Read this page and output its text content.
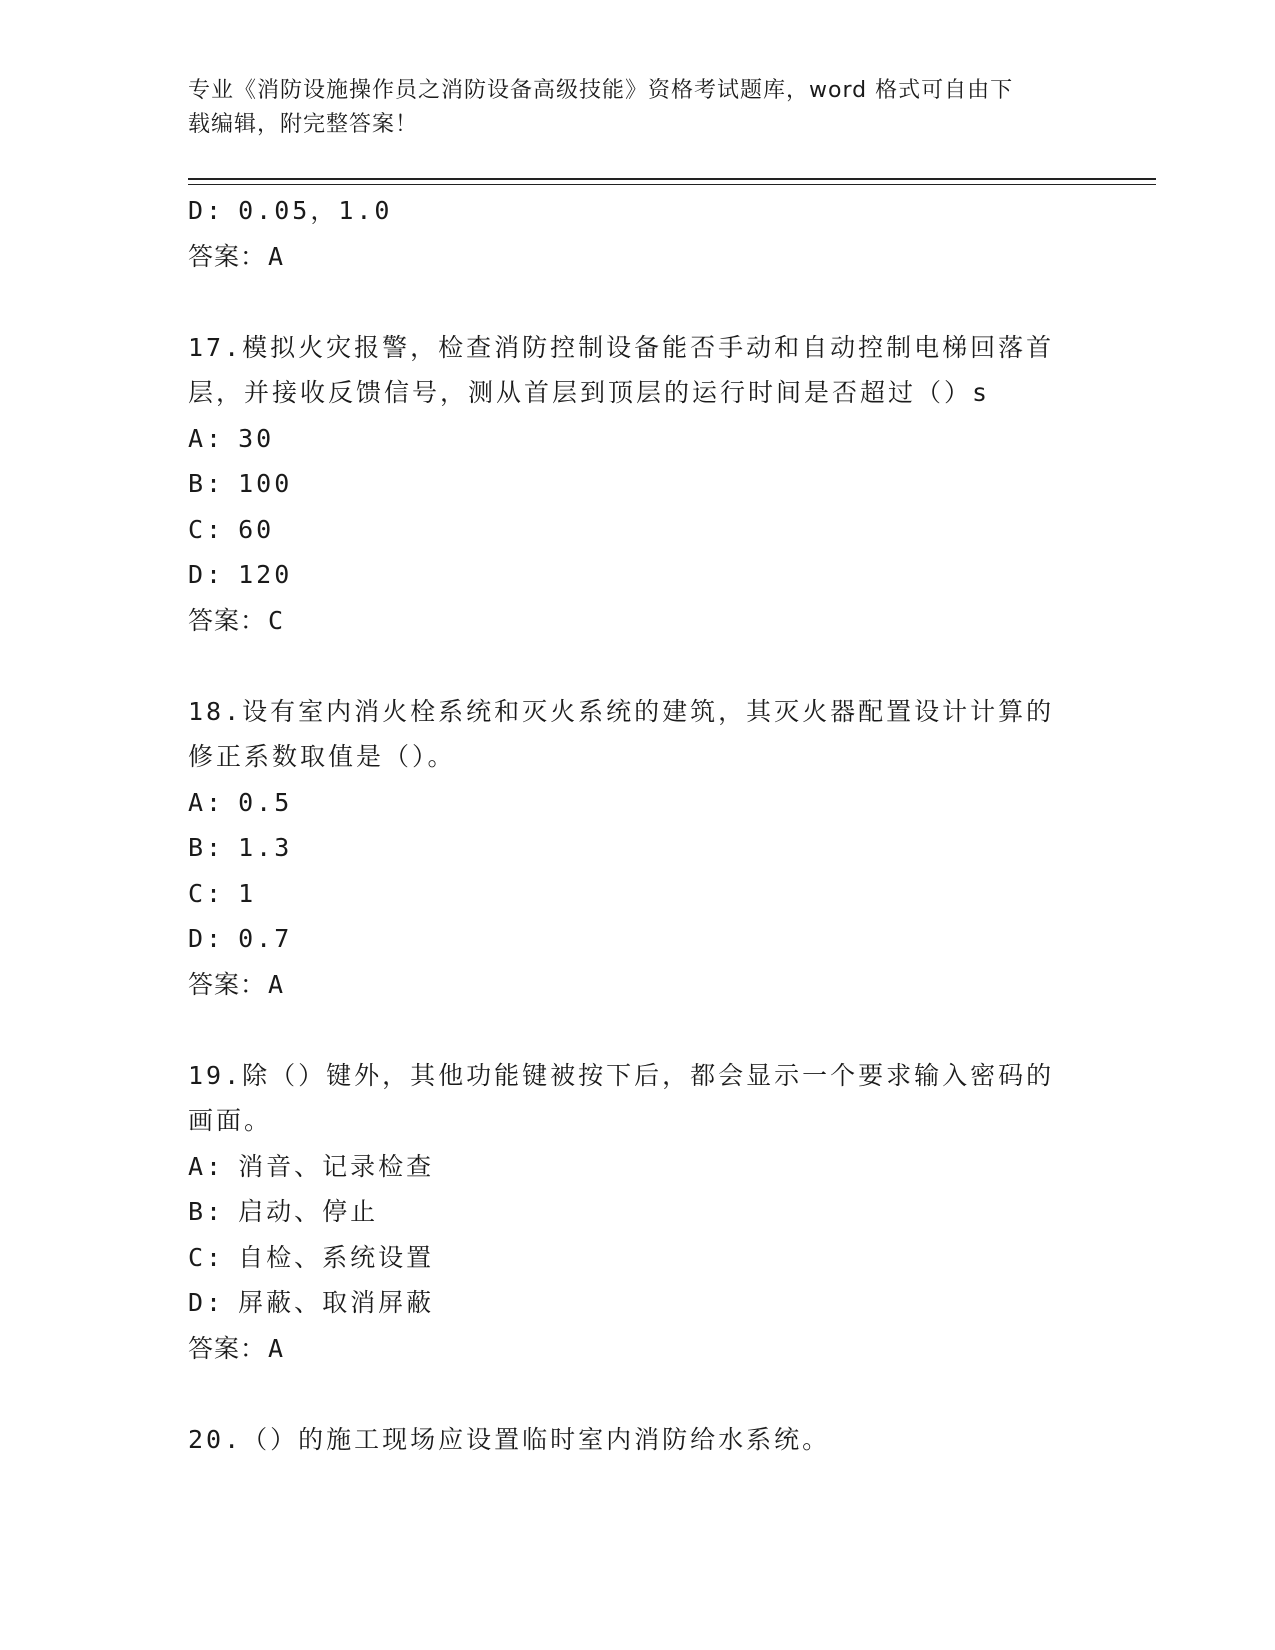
专业《消防设施操作员之消防设备高级技能》资格考试题库，word 格式可自由下
载编辑，附完整答案！
D: 0.05，1.0
答案：A
17.模拟火灾报警，检查消防控制设备能否手动和自动控制电梯回落首
层，并接收反馈信号，测从首层到顶层的运行时间是否超过（）s
A: 30
B: 100
C: 60
D: 120
答案：C
18.设有室内消火栓系统和灭火系统的建筑，其灭火器配置设计计算的
修正系数取值是（）。
A: 0.5
B: 1.3
C: 1
D: 0.7
答案：A
19.除（）键外，其他功能键被按下后，都会显示一个要求输入密码的
画面。
A: 消音、记录检查
B: 启动、停止
C: 自检、系统设置
D: 屏蔽、取消屏蔽
答案：A
20.（）的施工现场应设置临时室内消防给水系统。
